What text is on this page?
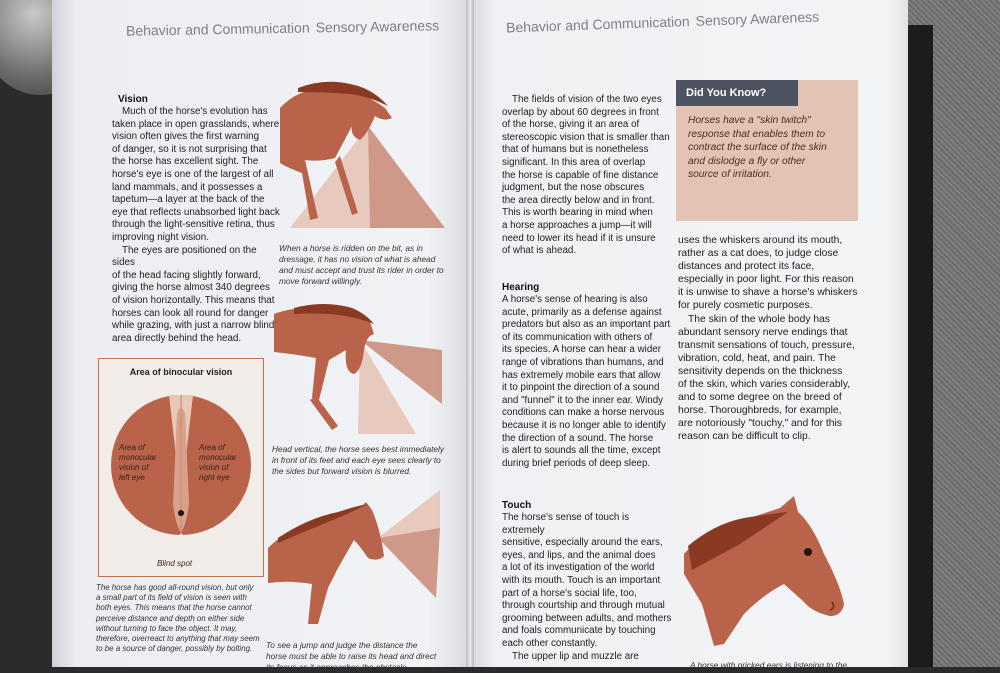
Behavior and Communication Sensory Awareness
Vision

Much of the horse's evolution has

taken place in open grasslands, where

vision often gives the first warning

of danger, so it is not surprising that

the horse has excellent sight. The

horse's eye is one of the largest of all

land mammals, and it possesses a

tapetum—a layer at the back of the

eye that reflects unabsorbed light back

through the light-sensitive retina, thus

improving night vision.

The eyes are positioned on the sides

of the head facing slightly forward,

giving the horse almost 340 degrees

of vision horizontally. This means that

horses can look all round for danger

while grazing, with just a narrow blind

area directly behind the head.

When a horse is ridden on the bit, as in
dressage, it has no vision of what is ahead
and must accept and trust its rider in order to
move forward willingly.
Head vertical, the horse sees best immediately
in front of its feet and each eye sees clearly to
the sides but forward vision is blurred.
To see a jump and judge the distance the
horse must be able to raise its head and direct
its focus as it approaches the obstacle.
Area of binocular vision
Area of
monocular
vision of
left eye
Area of
monocular
vision of
right eye
Blind spot
The horse has good all-round vision, but only
a small part of its field of vision is seen with
both eyes. This means that the horse cannot
perceive distance and depth on either side
without turning to face the object. It may,
therefore, overreact to anything that may seem
to be a source of danger, possibly by bolting.
Behavior and Communication Sensory Awareness

The fields of vision of the two eyes

overlap by about 60 degrees in front

of the horse, giving it an area of

stereoscopic vision that is smaller than

that of humans but is nonetheless

significant. In this area of overlap

the horse is capable of fine distance

judgment, but the nose obscures

the area directly below and in front.

This is worth bearing in mind when

a horse approaches a jump—it will

need to lower its head if it is unsure

of what is ahead.

Hearing

A horse's sense of hearing is also

acute, primarily as a defense against

predators but also as an important part

of its communication with others of

its species. A horse can hear a wider

range of vibrations than humans, and

has extremely mobile ears that allow

it to pinpoint the direction of a sound

and "funnel" it to the inner ear. Windy

conditions can make a horse nervous

because it is no longer able to identify

the direction of a sound. The horse

is alert to sounds all the time, except

during brief periods of deep sleep.

Touch

The horse's sense of touch is extremely

sensitive, especially around the ears,

eyes, and lips, and the animal does

a lot of its investigation of the world

with its mouth. Touch is an important

part of a horse's social life, too,

through courtship and through mutual

grooming between adults, and mothers

and foals communicate by touching

each other constantly.

The upper lip and muzzle are

Did You Know?
Horses have a "skin twitch"
response that enables them to
contract the surface of the skin
and dislodge a fly or other
source of irritation.

uses the whiskers around its mouth,

rather as a cat does, to judge close

distances and protect its face,

especially in poor light. For this reason

it is unwise to shave a horse's whiskers

for purely cosmetic purposes.

The skin of the whole body has

abundant sensory nerve endings that

transmit sensations of touch, pressure,

vibration, cold, heat, and pain. The

sensitivity depends on the thickness

of the skin, which varies considerably,

and to some degree on the breed of

horse. Thoroughbreds, for example,

are notoriously "touchy," and for this

reason can be difficult to clip.

A horse with pricked ears is listening to the
